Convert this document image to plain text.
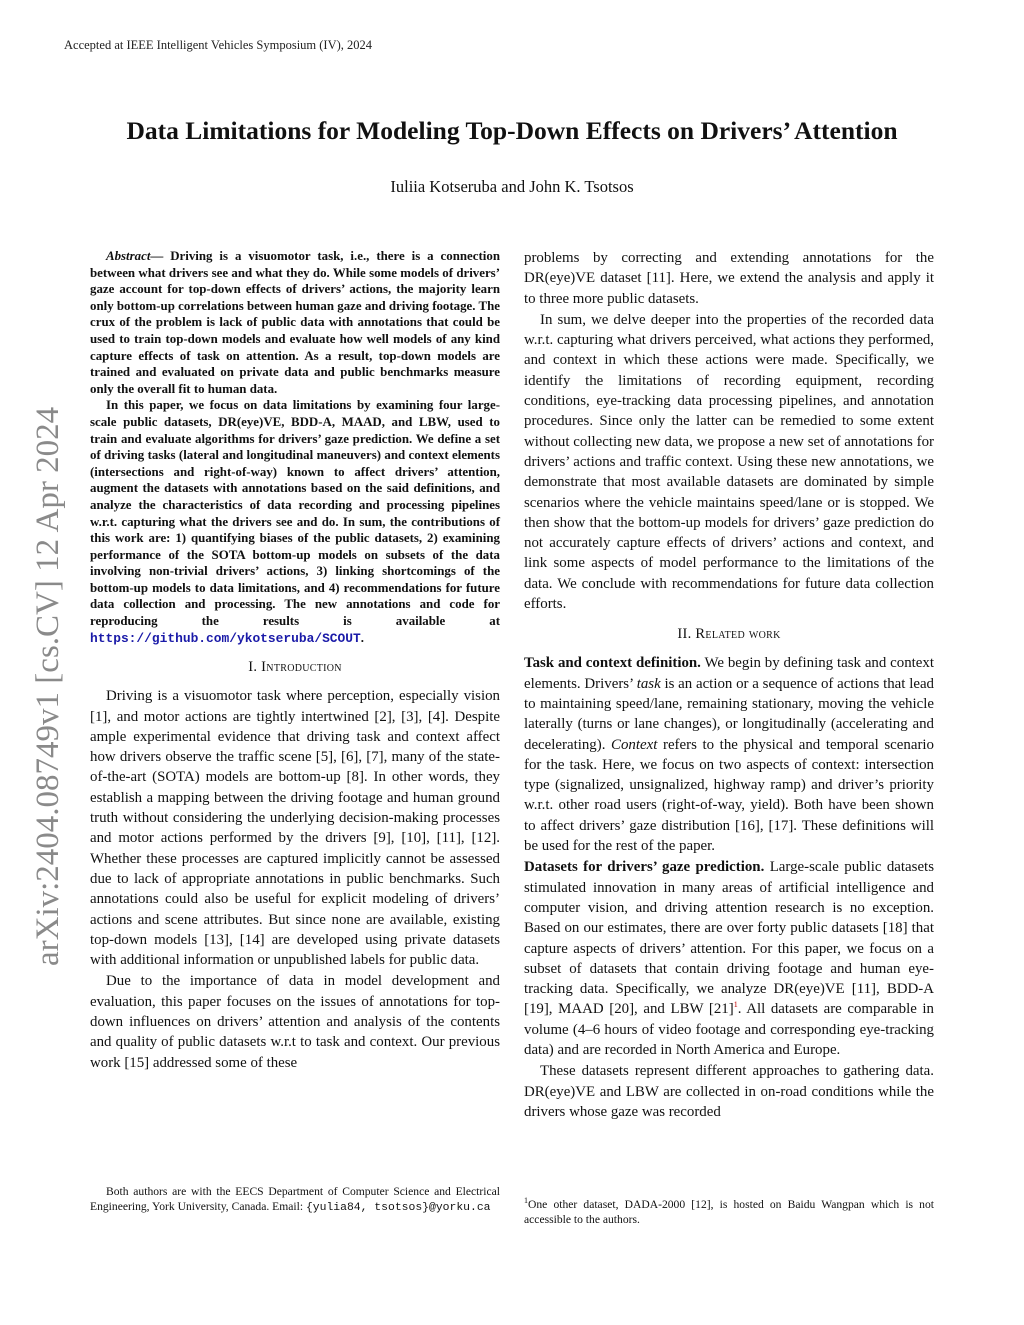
Accepted at IEEE Intelligent Vehicles Symposium (IV), 2024
arXiv:2404.08749v1 [cs.CV] 12 Apr 2024
Data Limitations for Modeling Top-Down Effects on Drivers’ Attention
Iuliia Kotseruba and John K. Tsotsos

Abstract— Driving is a visuomotor task, i.e., there is a connection between what drivers see and what they do. While some models of drivers’ gaze account for top-down effects of drivers’ actions, the majority learn only bottom-up correlations between human gaze and driving footage. The crux of the problem is lack of public data with annotations that could be used to train top-down models and evaluate how well models of any kind capture effects of task on attention. As a result, top-down models are trained and evaluated on private data and public benchmarks measure only the overall fit to human data.

In this paper, we focus on data limitations by examining four large-scale public datasets, DR(eye)VE, BDD-A, MAAD, and LBW, used to train and evaluate algorithms for drivers’ gaze prediction. We define a set of driving tasks (lateral and longitudinal maneuvers) and context elements (intersections and right-of-way) known to affect drivers’ attention, augment the datasets with annotations based on the said definitions, and analyze the characteristics of data recording and processing pipelines w.r.t. capturing what the drivers see and do. In sum, the contributions of this work are: 1) quantifying biases of the public datasets, 2) examining performance of the SOTA bottom-up models on subsets of the data involving non-trivial drivers’ actions, 3) linking shortcomings of the bottom-up models to data limitations, and 4) recommendations for future data collection and processing. The new annotations and code for reproducing the results is available at https://github.com/ykotseruba/SCOUT.

I. Introduction

Driving is a visuomotor task where perception, especially vision [1], and motor actions are tightly intertwined [2], [3], [4]. Despite ample experimental evidence that driving task and context affect how drivers observe the traffic scene [5], [6], [7], many of the state-of-the-art (SOTA) models are bottom-up [8]. In other words, they establish a mapping between the driving footage and human ground truth without considering the underlying decision-making processes and motor actions performed by the drivers [9], [10], [11], [12]. Whether these processes are captured implicitly cannot be assessed due to lack of appropriate annotations in public benchmarks. Such annotations could also be useful for explicit modeling of drivers’ actions and scene attributes. But since none are available, existing top-down models [13], [14] are developed using private datasets with additional information or unpublished labels for public data.

Due to the importance of data in model development and evaluation, this paper focuses on the issues of annotations for top-down influences on drivers’ attention and analysis of the contents and quality of public datasets w.r.t to task and context. Our previous work [15] addressed some of these

problems by correcting and extending annotations for the DR(eye)VE dataset [11]. Here, we extend the analysis and apply it to three more public datasets.

In sum, we delve deeper into the properties of the recorded data w.r.t. capturing what drivers perceived, what actions they performed, and context in which these actions were made. Specifically, we identify the limitations of recording equipment, recording conditions, eye-tracking data processing pipelines, and annotation procedures. Since only the latter can be remedied to some extent without collecting new data, we propose a new set of annotations for drivers’ actions and traffic context. Using these new annotations, we demonstrate that most available datasets are dominated by simple scenarios where the vehicle maintains speed/lane or is stopped. We then show that the bottom-up models for drivers’ gaze prediction do not accurately capture effects of drivers’ actions and context, and link some aspects of model performance to the limitations of the data. We conclude with recommendations for future data collection efforts.

II. Related work

Task and context definition. We begin by defining task and context elements. Drivers’ task is an action or a sequence of actions that lead to maintaining speed/lane, remaining stationary, moving the vehicle laterally (turns or lane changes), or longitudinally (accelerating and decelerating). Context refers to the physical and temporal scenario for the task. Here, we focus on two aspects of context: intersection type (signalized, unsignalized, highway ramp) and driver’s priority w.r.t. other road users (right-of-way, yield). Both have been shown to affect drivers’ gaze distribution [16], [17]. These definitions will be used for the rest of the paper.

Datasets for drivers’ gaze prediction. Large-scale public datasets stimulated innovation in many areas of artificial intelligence and computer vision, and driving attention research is no exception. Based on our estimates, there are over forty public datasets [18] that capture aspects of drivers’ attention. For this paper, we focus on a subset of datasets that contain driving footage and human eye-tracking data. Specifically, we analyze DR(eye)VE [11], BDD-A [19], MAAD [20], and LBW [21]$^1$. All datasets are comparable in volume (4–6 hours of video footage and corresponding eye-tracking data) and are recorded in North America and Europe.

These datasets represent different approaches to gathering data. DR(eye)VE and LBW are collected in on-road conditions while the drivers whose gaze was recorded

Both authors are with the EECS Department of Computer Science and Electrical Engineering, York University, Canada. Email: {yulia84, tsotsos}@yorku.ca
$^1$One other dataset, DADA-2000 [12], is hosted on Baidu Wangpan which is not accessible to the authors.
